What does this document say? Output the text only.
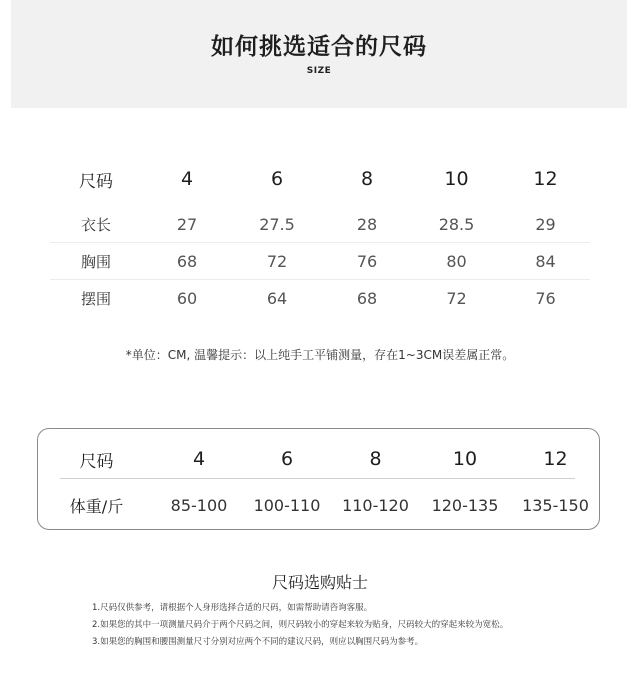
如何挑选适合的尺码
SIZE
尺码	4	6	8	10	12
衣长	27	27.5	28	28.5	29
胸围	68	72	76	80	84
摆围	60	64	68	72	76
*单位：CM, 温馨提示：以上纯手工平铺测量，存在1~3CM误差属正常。
尺码	4	6	8	10	12
体重/斤	85-100	100-110	110-120	120-135	135-150
尺码选购贴士
1.尺码仅供参考，请根据个人身形选择合适的尺码，如需帮助请咨询客服。
2.如果您的其中一项测量尺码介于两个尺码之间，则尺码较小的穿起来较为贴身，尺码较大的穿起来较为宽松。
3.如果您的胸围和腰围测量尺寸分别对应两个不同的建议尺码，则应以胸围尺码为参考。
